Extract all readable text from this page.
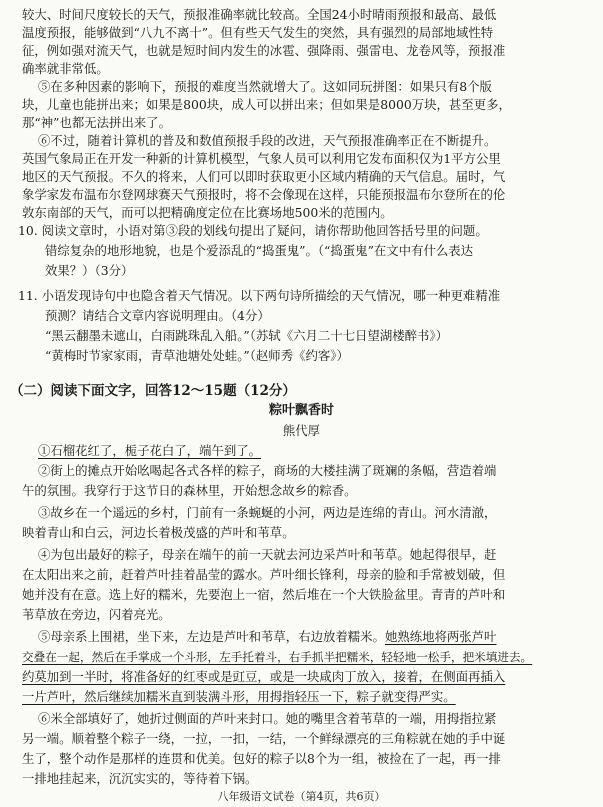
较大、时间尺度较长的天气，预报准确率就比较高。全国24小时晴雨预报和最高、最低
温度预报，能够做到“八九不离十”。但有些天气发生的突然，具有强烈的局部地域性特
征，例如强对流天气，也就是短时间内发生的冰雹、强降雨、强雷电、龙卷风等，预报准
确率就非常低。
⑤在多种因素的影响下，预报的难度当然就增大了。这如同玩拼图：如果只有8个版
块，儿童也能拼出来；如果是800块，成人可以拼出来；但如果是8000万块，甚至更多，
那“神”也都无法拼出来了。
⑥不过，随着计算机的普及和数值预报手段的改进，天气预报准确率正在不断提升。
英国气象局正在开发一种新的计算机模型，气象人员可以利用它发布面积仅为1平方公里
地区的天气预报。不久的将来，人们可以即时获取更小区域内精确的天气信息。届时，气
象学家发布温布尔登网球赛天气预报时，将不会像现在这样，只能预报温布尔登所在的伦
敦东南部的天气，而可以把精确度定位在比赛场地500米的范围内。
10. 阅读文章时，小语对第③段的划线句提出了疑问，请你帮助他回答括号里的问题。
错综复杂的地形地貌，也是个爱添乱的“捣蛋鬼”。（“捣蛋鬼”在文中有什么表达
效果？）（3分）
11. 小语发现诗句中也隐含着天气情况。以下两句诗所描绘的天气情况，哪一种更难精准
预测？请结合文章内容说明理由。（4分）
“黑云翻墨未遮山，白雨跳珠乱入船。”（苏轼《六月二十七日望湖楼醉书》）
“黄梅时节家家雨，青草池塘处处蛙。”（赵师秀《约客》）
（二）阅读下面文字，回答12～15题（12分）
粽叶飘香时
熊代厚
①石榴花红了，栀子花白了，端午到了。
②街上的摊点开始吆喝起各式各样的粽子，商场的大楼挂满了斑斓的条幅，营造着端
午的氛围。我穿行于这节日的森林里，开始想念故乡的粽香。
③故乡在一个遥远的乡村，门前有一条蜿蜒的小河，两边是连绵的青山。河水清澈，
映着青山和白云，河边长着极茂盛的芦叶和苇草。
④为包出最好的粽子，母亲在端午的前一天就去河边采芦叶和苇草。她起得很早，赶
在太阳出来之前，赶着芦叶挂着晶莹的露水。芦叶细长锋利，母亲的脸和手常被划破，但
她并没有在意。选上好的糯米，先要泡上一宿，然后堆在一个大铁脸盆里。青青的芦叶和
苇草放在旁边，闪着亮光。
⑤母亲系上围裙，坐下来，左边是芦叶和苇草，右边放着糯米。她熟练地将两张芦叶
交叠在一起，然后在手掌成一个斗形，左手托着斗，右手抓半把糯米，轻轻地一松手，把米填进去。
约莫加到一半时，将准备好的红枣或是豇豆，或是一块咸肉丁放入，接着，在侧面再插入
一片芦叶，然后继续加糯米直到装满斗形，用拇指轻压一下，粽子就变得严实。
⑥米全部填好了，她折过侧面的芦叶来封口。她的嘴里含着苇草的一端，用拇指拉紧
另一端。顺着整个粽子一绕，一拉，一扣，一结，一个鲜绿漂亮的三角粽就在她的手中诞
生了，整个动作是那样的连贯和优美。包好的粽子以8个为一组，被捡在了一起，再一排
一排地挂起来，沉沉实实的，等待着下锅。
八年级语文试卷（第4页，共6页）
